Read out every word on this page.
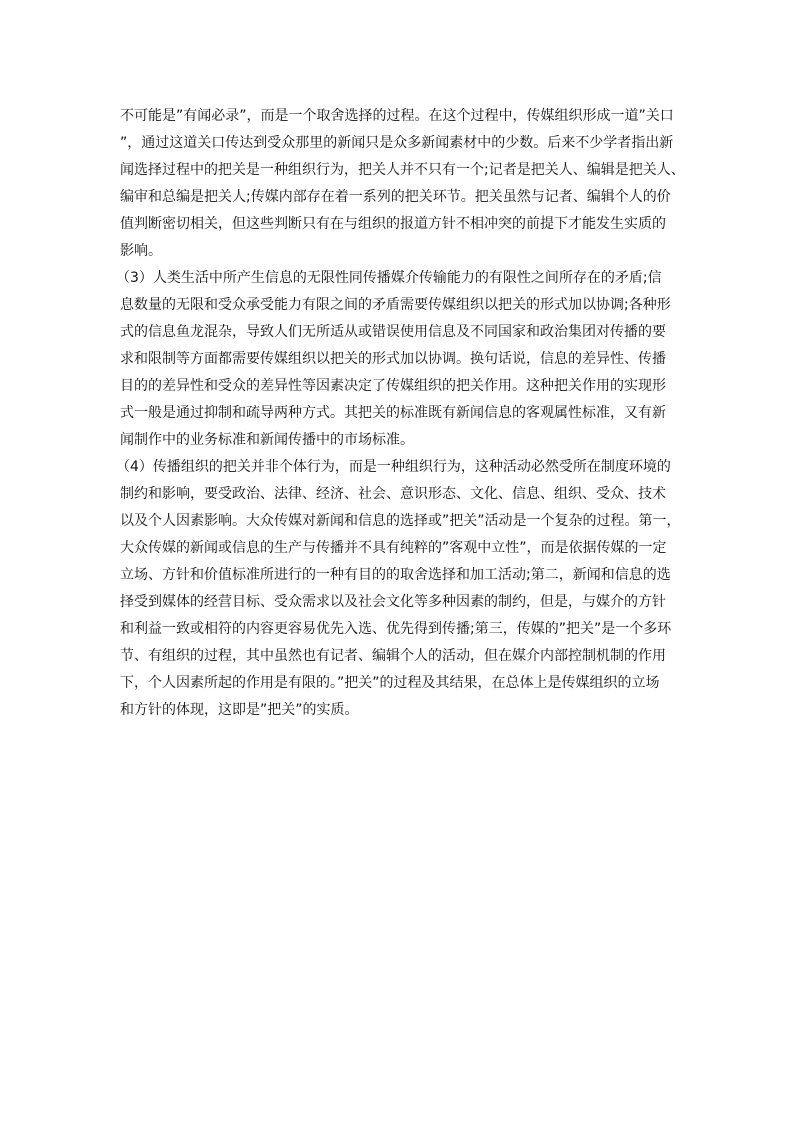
不可能是”有闻必录”，而是一个取舍选择的过程。在这个过程中，传媒组织形成一道”关口
”，通过这道关口传达到受众那里的新闻只是众多新闻素材中的少数。后来不少学者指出新
闻选择过程中的把关是一种组织行为，把关人并不只有一个;记者是把关人、编辑是把关人、
编审和总编是把关人;传媒内部存在着一系列的把关环节。把关虽然与记者、编辑个人的价
值判断密切相关，但这些判断只有在与组织的报道方针不相冲突的前提下才能发生实质的
影响。
（3）人类生活中所产生信息的无限性同传播媒介传输能力的有限性之间所存在的矛盾;信
息数量的无限和受众承受能力有限之间的矛盾需要传媒组织以把关的形式加以协调;各种形
式的信息鱼龙混杂，导致人们无所适从或错误使用信息及不同国家和政治集团对传播的要
求和限制等方面都需要传媒组织以把关的形式加以协调。换句话说，信息的差异性、传播
目的的差异性和受众的差异性等因素决定了传媒组织的把关作用。这种把关作用的实现形
式一般是通过抑制和疏导两种方式。其把关的标准既有新闻信息的客观属性标准，又有新
闻制作中的业务标准和新闻传播中的市场标准。
（4）传播组织的把关并非个体行为，而是一种组织行为，这种活动必然受所在制度环境的
制约和影响，要受政治、法律、经济、社会、意识形态、文化、信息、组织、受众、技术
以及个人因素影响。大众传媒对新闻和信息的选择或”把关”活动是一个复杂的过程。第一，
大众传媒的新闻或信息的生产与传播并不具有纯粹的”客观中立性”，而是依据传媒的一定
立场、方针和价值标准所进行的一种有目的的取舍选择和加工活动;第二，新闻和信息的选
择受到媒体的经营目标、受众需求以及社会文化等多种因素的制约，但是，与媒介的方针
和利益一致或相符的内容更容易优先入选、优先得到传播;第三，传媒的”把关”是一个多环
节、有组织的过程，其中虽然也有记者、编辑个人的活动，但在媒介内部控制机制的作用
下，个人因素所起的作用是有限的。”把关”的过程及其结果，在总体上是传媒组织的立场
和方针的体现，这即是”把关”的实质。
